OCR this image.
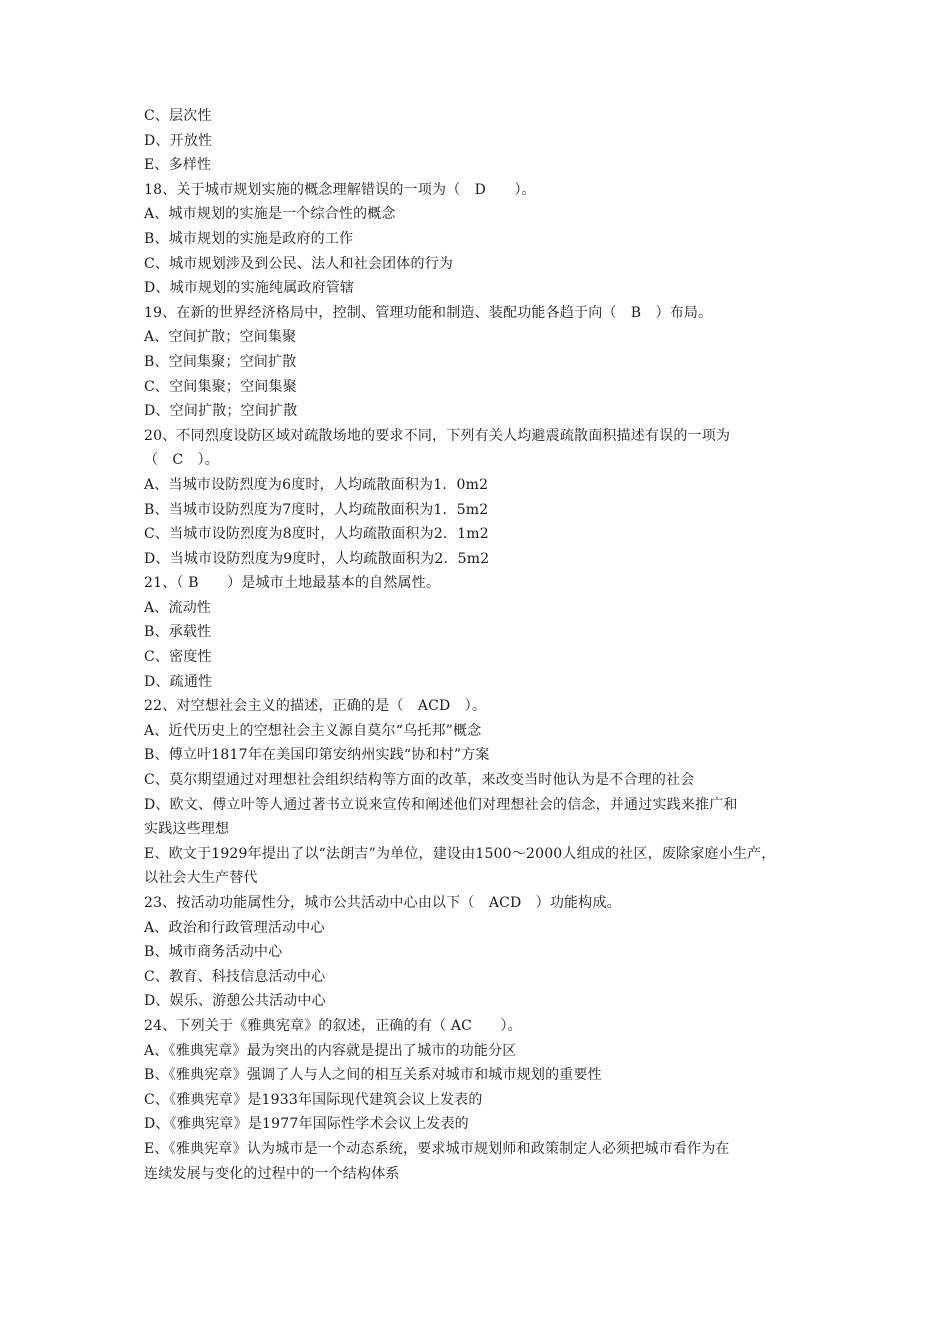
C、层次性
D、开放性
E、多样性
18、关于城市规划实施的概念理解错误的一项为（　D　　）。
A、城市规划的实施是一个综合性的概念
B、城市规划的实施是政府的工作
C、城市规划涉及到公民、法人和社会团体的行为
D、城市规划的实施纯属政府管辖
19、在新的世界经济格局中，控制、管理功能和制造、装配功能各趋于向（　B　）布局。
A、空间扩散；空间集聚
B、空间集聚；空间扩散
C、空间集聚；空间集聚
D、空间扩散；空间扩散
20、不同烈度设防区域对疏散场地的要求不同，下列有关人均避震疏散面积描述有误的一项为
（　C　）。
A、当城市设防烈度为6度时，人均疏散面积为1．0m2
B、当城市设防烈度为7度时，人均疏散面积为1．5m2
C、当城市设防烈度为8度时，人均疏散面积为2．1m2
D、当城市设防烈度为9度时，人均疏散面积为2．5m2
21、（ B　　）是城市土地最基本的自然属性。
A、流动性
B、承载性
C、密度性
D、疏通性
22、对空想社会主义的描述，正确的是（　ACD　）。
A、近代历史上的空想社会主义源自莫尔“乌托邦”概念
B、傅立叶1817年在美国印第安纳州实践“协和村”方案
C、莫尔期望通过对理想社会组织结构等方面的改革，来改变当时他认为是不合理的社会
D、欧文、傅立叶等人通过著书立说来宣传和阐述他们对理想社会的信念，并通过实践来推广和
实践这些理想
E、欧文于1929年提出了以“法朗吉”为单位，建设由1500～2000人组成的社区，废除家庭小生产，
以社会大生产替代
23、按活动功能属性分，城市公共活动中心由以下（　ACD　）功能构成。
A、政治和行政管理活动中心
B、城市商务活动中心
C、教育、科技信息活动中心
D、娱乐、游憩公共活动中心
24、下列关于《雅典宪章》的叙述，正确的有（ AC　　）。
A、《雅典宪章》最为突出的内容就是提出了城市的功能分区
B、《雅典宪章》强调了人与人之间的相互关系对城市和城市规划的重要性
C、《雅典宪章》是1933年国际现代建筑会议上发表的
D、《雅典宪章》是1977年国际性学术会议上发表的
E、《雅典宪章》认为城市是一个动态系统，要求城市规划师和政策制定人必须把城市看作为在
连续发展与变化的过程中的一个结构体系
